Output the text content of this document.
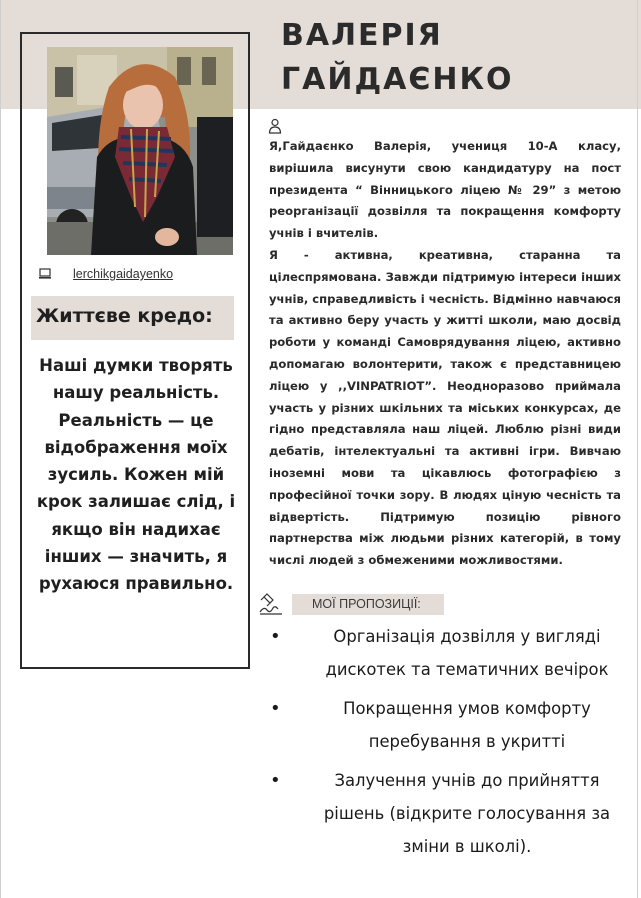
ВАЛЕРІЯ
ГАЙДАЄНКО
lerchikgaidayenko
Життєве кредо:
Наші думки творять нашу реальність. Реальність — це відображення моїх зусиль. Кожен мій крок залишає слід, і якщо він надихає інших — значить, я рухаюся правильно.

Я,Гайдаєнко Валерія, учениця 10-А класу, вирішила висунути свою кандидатуру на пост президента “ Вінницького ліцею № 29” з метою реорганізації дозвілля та покращення комфорту учнів і вчителів.

Я - активна, креативна, старанна та цілеспрямована. Завжди підтримую інтереси інших учнів, справедливість і чесність. Відмінно навчаюся та активно беру участь у житті школи, маю досвід роботи у команді Самоврядування ліцею, активно допомагаю волонтерити, також є представницею ліцею у ,,VINPATRIOT”. Неодноразово приймала участь у різних шкільних та міських конкурсах, де гідно представляла наш ліцей. Люблю різні види дебатів, інтелектуальні та активні ігри. Вивчаю іноземні мови та цікавлюсь фотографією з професійної точки зору. В людях ціную чесність та відвертість. Підтримую позицію рівного партнерства між людьми різних категорій, в тому числі людей з обмеженими можливостями.

МОЇ ПРОПОЗИЦІЇ:
•	Організація дозвілля у вигляді дискотек та тематичних вечірок
•	Покращення умов комфорту перебування в укритті
•	Залучення учнів до прийняття рішень (відкрите голосування за зміни в школі).
